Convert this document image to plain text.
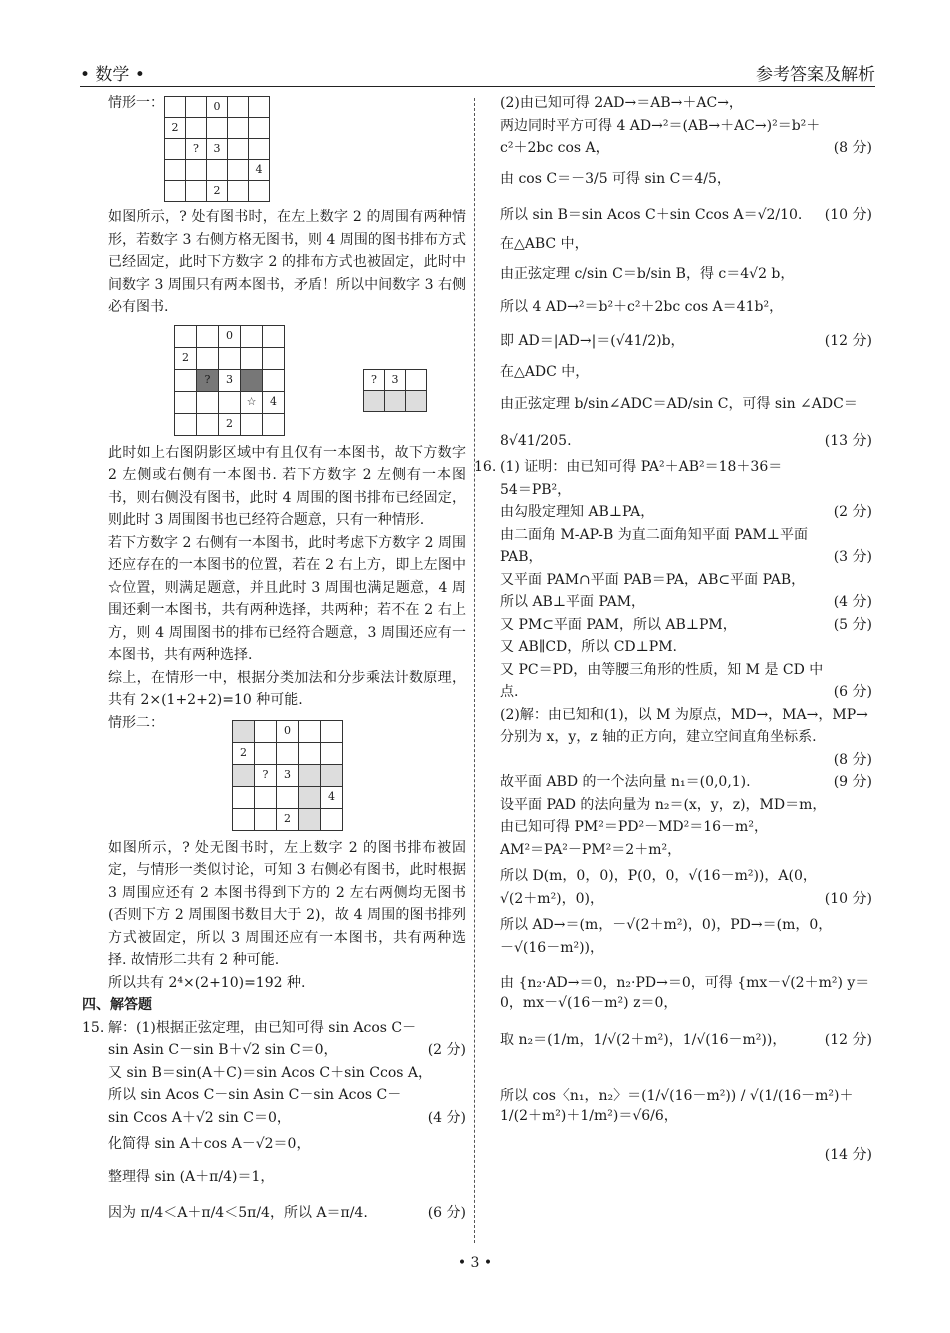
• 数学 •	参考答案及解析
情形一：
			0		
2				
	?	3		
				4
		2		

如图所示，? 处有图书时，在左上数字 2 的周围有两种情形，若数字 3 右侧方格无图书，则 4 周围的图书排布方式已经固定，此时下方数字 2 的排布方式也被固定，此时中间数字 3 周围只有两本图书，矛盾！所以中间数字 3 右侧必有图书.

		0		
2				
	?	3		
			☆	4
		2		
?	3	

此时如上右图阴影区域中有且仅有一本图书，故下方数字 2 左侧或右侧有一本图书. 若下方数字 2 左侧有一本图书，则右侧没有图书，此时 4 周围的图书排布已经固定，则此时 3 周围图书也已经符合题意，只有一种情形.

若下方数字 2 右侧有一本图书，此时考虑下方数字 2 周围还应存在的一本图书的位置，若在 2 右上方，即上左图中☆位置，则满足题意，并且此时 3 周围也满足题意，4 周围还剩一本图书，共有两种选择，共两种；若不在 2 右上方，则 4 周围图书的排布已经符合题意，3 周围还应有一本图书，共有两种选择.

综上，在情形一中，根据分类加法和分步乘法计数原理，共有 2×(1+2+2)=10 种可能.

情形二：
			0		
2				
	?	3		
				4
		2		

如图所示，? 处无图书时，左上数字 2 的图书排布被固定，与情形一类似讨论，可知 3 右侧必有图书，此时根据 3 周围应还有 2 本图书得到下方的 2 左右两侧均无图书(否则下方 2 周围图书数目大于 2)，故 4 周围的图书排列方式被固定，所以 3 周围还应有一本图书，共有两种选择. 故情形二共有 2 种可能.

所以共有 2⁴×(2+10)=192 种.

四、解答题
15. 解：(1)根据正弦定理，由已知可得 sin Acos C－
sin Asin C－sin B＋√2 sin C＝0，	(2 分)
又 sin B＝sin(A＋C)＝sin Acos C＋sin Ccos A，
所以 sin Acos C－sin Asin C－sin Acos C－
sin Ccos A＋√2 sin C＝0，	(4 分)
化简得 sin A＋cos A－√2＝0，
整理得 sin (A＋π/4)＝1，
因为 π/4＜A＋π/4＜5π/4，所以 A＝π/4.	(6 分)
(2)由已知可得 2AD→＝AB→＋AC→，
两边同时平方可得 4 AD→²＝(AB→＋AC→)²＝b²＋
c²＋2bc cos A，	(8 分)
由 cos C＝－3/5 可得 sin C＝4/5，
所以 sin B＝sin Acos C＋sin Ccos A＝√2/10. (10 分)
在△ABC 中，
由正弦定理 c/sin C＝b/sin B，得 c＝4√2 b，
所以 4 AD→²＝b²＋c²＋2bc cos A＝41b²，
即 AD＝|AD→|＝(√41/2)b，	(12 分)
在△ADC 中，
由正弦定理 b/sin∠ADC＝AD/sin C，可得 sin ∠ADC＝
8√41/205.	(13 分)
16. (1) 证明：由已知可得 PA²＋AB²＝18＋36＝
54＝PB²，
由勾股定理知 AB⊥PA，	(2 分)
由二面角 M-AP-B 为直二面角知平面 PAM⊥平面
PAB，	(3 分)
又平面 PAM∩平面 PAB＝PA，AB⊂平面 PAB，
所以 AB⊥平面 PAM，	(4 分)
又 PM⊂平面 PAM，所以 AB⊥PM，	(5 分)
又 AB∥CD，所以 CD⊥PM.
又 PC＝PD，由等腰三角形的性质，知 M 是 CD 中
点.	(6 分)
(2)解：由已知和(1)，以 M 为原点，MD→，MA→，MP→
分别为 x，y，z 轴的正方向，建立空间直角坐标系.
(8 分)
故平面 ABD 的一个法向量 n₁＝(0,0,1).	(9 分)
设平面 PAD 的法向量为 n₂＝(x，y，z)，MD＝m，
由已知可得 PM²＝PD²－MD²＝16－m²，
AM²＝PA²－PM²＝2＋m²，
所以 D(m，0，0)，P(0，0，√(16－m²))，A(0，
√(2＋m²)，0)，	(10 分)
所以 AD→＝(m，－√(2＋m²)，0)，PD→＝(m，0，
－√(16－m²))，
由 {n₂·AD→＝0，n₂·PD→＝0，可得 {mx－√(2＋m²) y＝0，mx－√(16－m²) z＝0，
取 n₂＝(1/m，1/√(2＋m²)，1/√(16－m²))，	(12 分)
所以 cos〈n₁，n₂〉＝(1/√(16－m²)) / √(1/(16－m²)＋1/(2＋m²)＋1/m²)＝√6/6，
(14 分)
• 3 •
